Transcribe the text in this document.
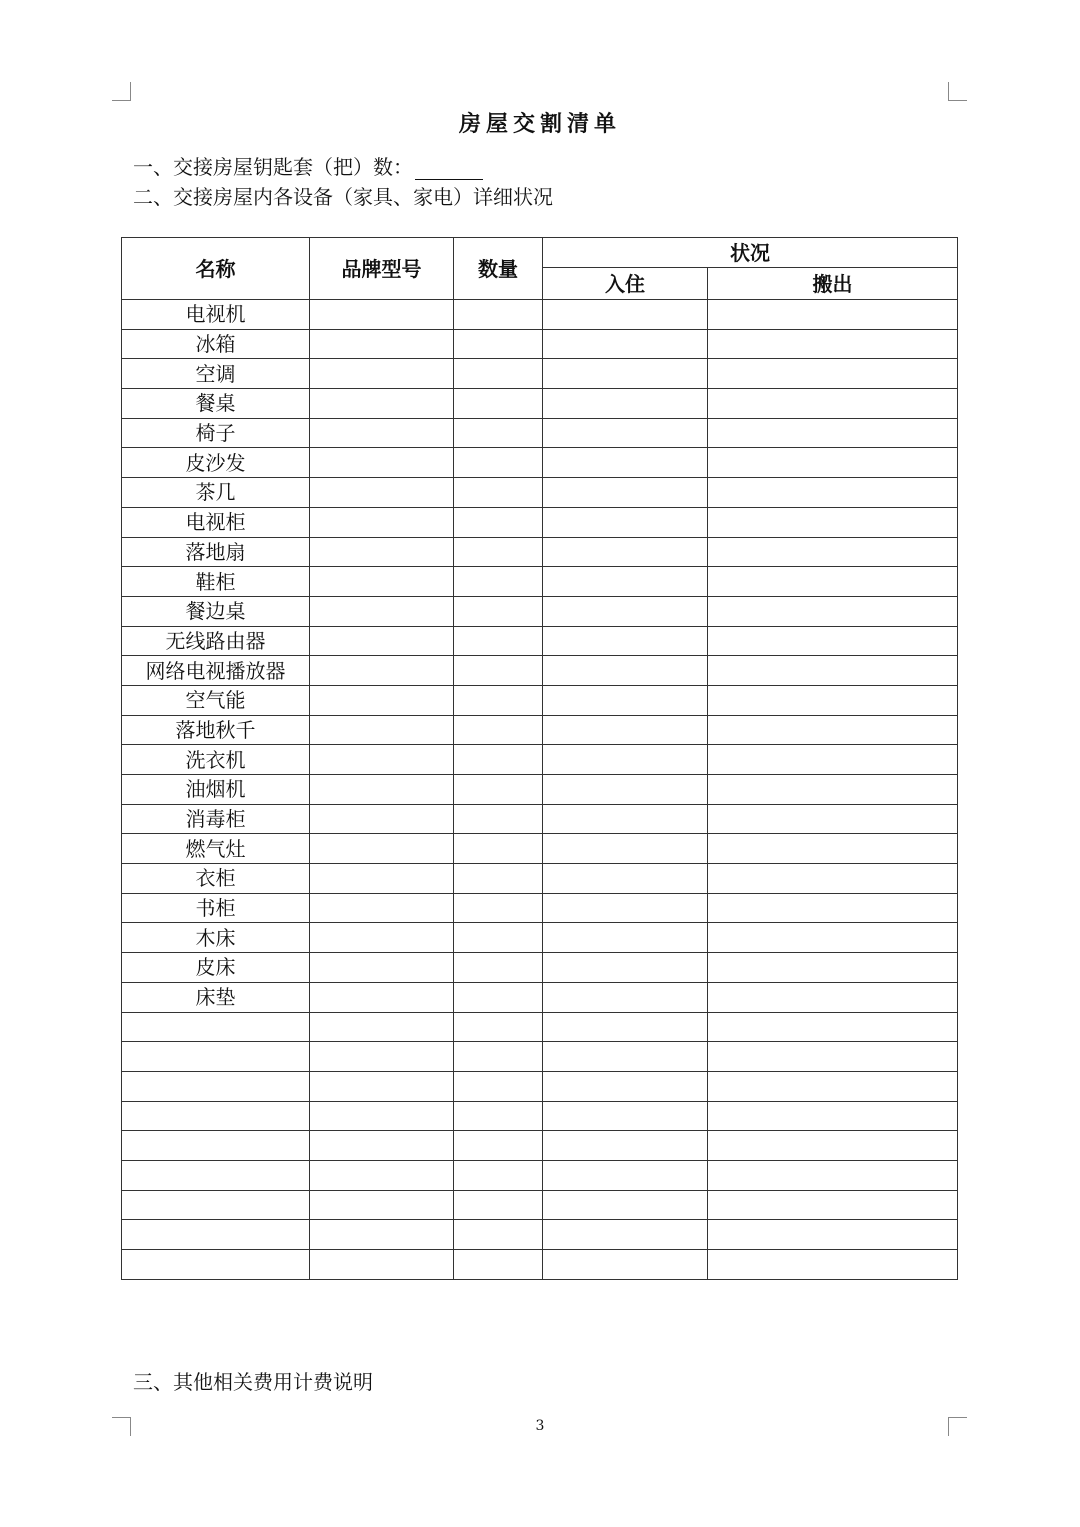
房屋交割清单
一、交接房屋钥匙套（把）数：
二、交接房屋内各设备（家具、家电）详细状况
名称	品牌型号	数量	状况	
			入住	搬出
电视机				
冰箱				
空调				
餐桌				
椅子				
皮沙发				
茶几				
电视柜				
落地扇				
鞋柜				
餐边桌				
无线路由器				
网络电视播放器				
空气能				
落地秋千				
洗衣机				
油烟机				
消毒柜				
燃气灶				
衣柜				
书柜				
木床				
皮床				
床垫				

三、其他相关费用计费说明
3
